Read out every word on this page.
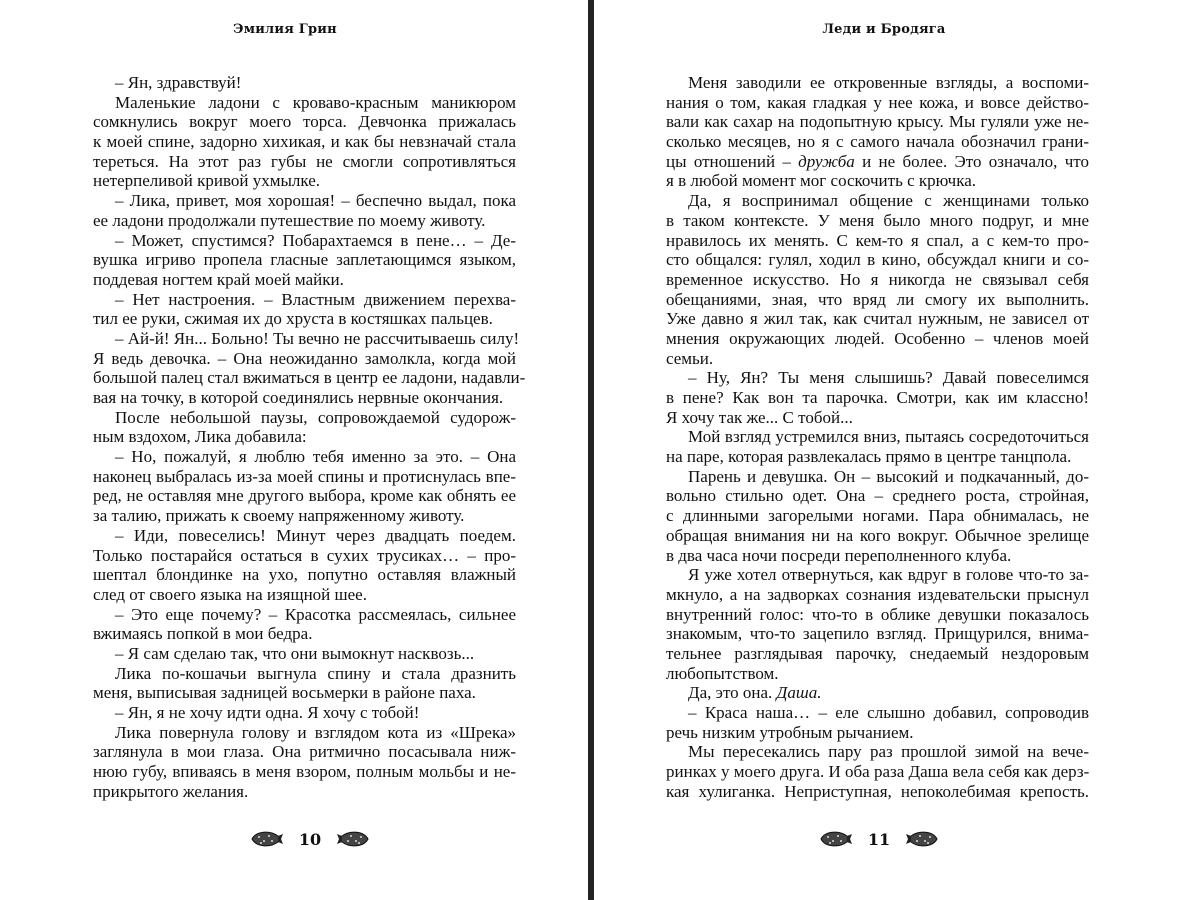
Эмилия Грин
– Ян, здравствуй!
Маленькие ладони с кроваво-красным маникюром
сомкнулись вокруг моего торса. Девчонка прижалась
к моей спине, задорно хихикая, и как бы невзначай стала
тереться. На этот раз губы не смогли сопротивляться
нетерпеливой кривой ухмылке.
– Лика, привет, моя хорошая! – беспечно выдал, пока
ее ладони продолжали путешествие по моему животу.
– Может, спустимся? Побарахтаемся в пене… – Де-
вушка игриво пропела гласные заплетающимся языком,
поддевая ногтем край моей майки.
– Нет настроения. – Властным движением перехва-
тил ее руки, сжимая их до хруста в костяшках пальцев.
– Ай-й! Ян... Больно! Ты вечно не рассчитываешь силу!
Я ведь девочка. – Она неожиданно замолкла, когда мой
большой палец стал вжиматься в центр ее ладони, надавли-
вая на точку, в которой соединялись нервные окончания.
После небольшой паузы, сопровождаемой судорож-
ным вздохом, Лика добавила:
– Но, пожалуй, я люблю тебя именно за это. – Она
наконец выбралась из-за моей спины и протиснулась впе-
ред, не оставляя мне другого выбора, кроме как обнять ее
за талию, прижать к своему напряженному животу.
– Иди, повеселись! Минут через двадцать поедем.
Только постарайся остаться в сухих трусиках… – про-
шептал блондинке на ухо, попутно оставляя влажный
след от своего языка на изящной шее.
– Это еще почему? – Красотка рассмеялась, сильнее
вжимаясь попкой в мои бедра.
– Я сам сделаю так, что они вымокнут насквозь...
Лика по-кошачьи выгнула спину и стала дразнить
меня, выписывая задницей восьмерки в районе паха.
– Ян, я не хочу идти одна. Я хочу с тобой!
Лика повернула голову и взглядом кота из «Шрека»
заглянула в мои глаза. Она ритмично посасывала ниж-
нюю губу, впиваясь в меня взором, полным мольбы и не-
прикрытого желания.
10
Леди и Бродяга
Меня заводили ее откровенные взгляды, а воспоми-
нания о том, какая гладкая у нее кожа, и вовсе действо-
вали как сахар на подопытную крысу. Мы гуляли уже не-
сколько месяцев, но я с самого начала обозначил грани-
цы отношений – дружба и не более. Это означало, что
я в любой момент мог соскочить с крючка.
Да, я воспринимал общение с женщинами только
в таком контексте. У меня было много подруг, и мне
нравилось их менять. С кем-то я спал, а с кем-то про-
сто общался: гулял, ходил в кино, обсуждал книги и со-
временное искусство. Но я никогда не связывал себя
обещаниями, зная, что вряд ли смогу их выполнить.
Уже давно я жил так, как считал нужным, не зависел от
мнения окружающих людей. Особенно – членов моей
семьи.
– Ну, Ян? Ты меня слышишь? Давай повеселимся
в пене? Как вон та парочка. Смотри, как им классно!
Я хочу так же... С тобой...
Мой взгляд устремился вниз, пытаясь сосредоточиться
на паре, которая развлекалась прямо в центре танцпола.
Парень и девушка. Он – высокий и подкачанный, до-
вольно стильно одет. Она – среднего роста, стройная,
с длинными загорелыми ногами. Пара обнималась, не
обращая внимания ни на кого вокруг. Обычное зрелище
в два часа ночи посреди переполненного клуба.
Я уже хотел отвернуться, как вдруг в голове что-то за-
мкнуло, а на задворках сознания издевательски прыснул
внутренний голос: что-то в облике девушки показалось
знакомым, что-то зацепило взгляд. Прищурился, внима-
тельнее разглядывая парочку, снедаемый нездоровым
любопытством.
Да, это она. Даша.
– Краса наша… – еле слышно добавил, сопроводив
речь низким утробным рычанием.
Мы пересекались пару раз прошлой зимой на вече-
ринках у моего друга. И оба раза Даша вела себя как дерз-
кая хулиганка. Неприступная, непоколебимая крепость.
11
